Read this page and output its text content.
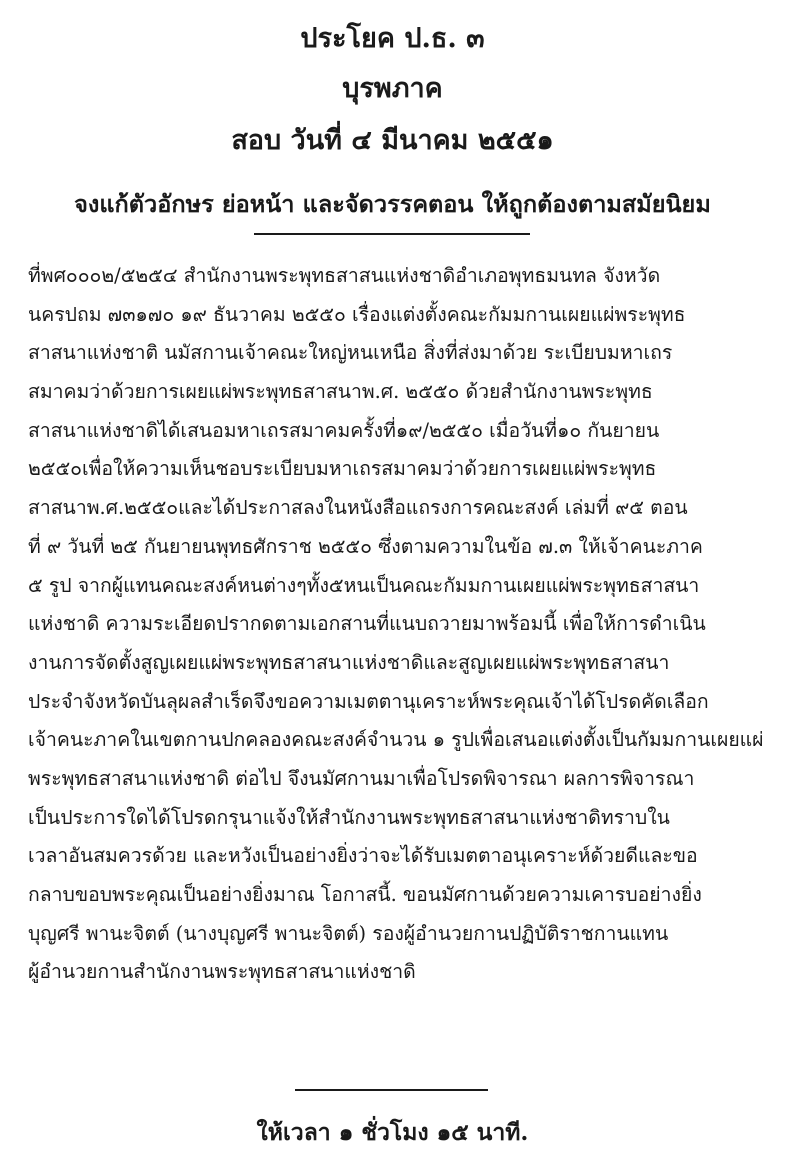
ประโยค ป.ธ. ๓
บุรพภาค
สอบ วันที่ ๔ มีนาคม ๒๕๕๑
จงแก้ตัวอักษร ย่อหน้า และจัดวรรคตอน ให้ถูกต้องตามสมัยนิยม
ที่พศ๐๐๐๒/๕๒๕๔ สำนักงานพระพุทธสาสนแห่งชาดิอำเภอพุทธมนทล จังหวัด
นครปถม ๗๓๑๗๐ ๑๙ ธันวาคม ๒๕๕๐ เรื่องแต่งตั้งคณะกัมมกานเผยแผ่พระพุทธ
สาสนาแห่งชาติ นมัสกานเจ้าคณะใหญ่หนเหนือ สิ่งที่ส่งมาด้วย ระเบียบมหาเถร
สมาคมว่าด้วยการเผยแผ่พระพุทธสาสนาพ.ศ. ๒๕๕๐ ด้วยสำนักงานพระพุทธ
สาสนาแห่งชาดิได้เสนอมหาเถรสมาคมครั้งที่๑๙/๒๕๕๐ เมื่อวันที่๑๐ กันยายน
๒๕๕๐เพื่อให้ความเห็นชอบระเบียบมหาเถรสมาคมว่าด้วยการเผยแผ่พระพุทธ
สาสนาพ.ศ.๒๕๕๐และได้ประกาสลงในหนังสือแถรงการคณะสงค์ เล่มที่ ๙๕ ตอน
ที่ ๙ วันที่ ๒๕ กันยายนพุทธศักราช ๒๕๕๐ ซึ่งตามความในข้อ ๗.๓ ให้เจ้าคนะภาค
๕ รูป จากผู้แทนคณะสงค์หนต่างๆทั้ง๕หนเป็นคณะกัมมกานเผยแผ่พระพุทธสาสนา
แห่งชาดิ ความระเอียดปรากดตามเอกสานที่แนบถวายมาพร้อมนี้ เพื่อให้การดำเนิน
งานการจัดตั้งสูญเผยแผ่พระพุทธสาสนาแห่งชาดิและสูญเผยแผ่พระพุทธสาสนา
ประจำจังหวัดบันลุผลสำเร็ดจึงขอความเมตตานุเคราะห์พระคุณเจ้าได้โปรดคัดเลือก
เจ้าคนะภาคในเขตกานปกคลองคณะสงค์จำนวน ๑ รูปเพื่อเสนอแต่งตั้งเป็นกัมมกานเผยแผ่
พระพุทธสาสนาแห่งชาดิ ต่อไป จึงนมัศกานมาเพื่อโปรดพิจารณา ผลการพิจารณา
เป็นประการใดได้โปรดกรุนาแจ้งให้สำนักงานพระพุทธสาสนาแห่งชาดิทราบใน
เวลาอันสมควรด้วย และหวังเป็นอย่างยิ่งว่าจะได้รับเมตตาอนุเคราะห์ด้วยดีและขอ
กลาบขอบพระคุณเป็นอย่างยิ่งมาณ โอกาสนี้. ขอนมัศกานด้วยความเคารบอย่างยิ่ง
บุญศรี พานะจิตต์ (นางบุญศรี พานะจิตต์) รองผู้อำนวยกานปฏิบัติราชกานแทน
ผู้อำนวยกานสำนักงานพระพุทธสาสนาแห่งชาดิ
ให้เวลา ๑ ชั่วโมง ๑๕ นาที.
